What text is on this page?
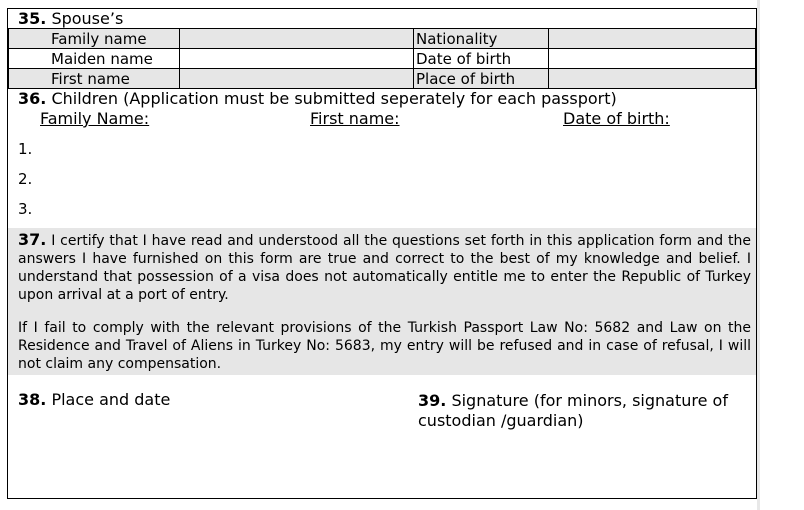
35. Spouse’s
Family name	Nationality
Maiden name	Date of birth
First name	Place of birth
36. Children (Application must be submitted seperately for each passport)
Family Name:	First name:	Date of birth:
1.
2.
3.
37. I certify that I have read and understood all the questions set forth in this application form and the answers I have furnished on this form are true and correct to the best of my knowledge and belief. I understand that possession of a visa does not automatically entitle me to enter the Republic of Turkey upon arrival at a port of entry.
If I fail to comply with the relevant provisions of the Turkish Passport Law No: 5682 and Law on the Residence and Travel of Aliens in Turkey No: 5683, my entry will be refused and in case of refusal, I will not claim any compensation.
38. Place and date	39. Signature (for minors, signature of custodian /guardian)
